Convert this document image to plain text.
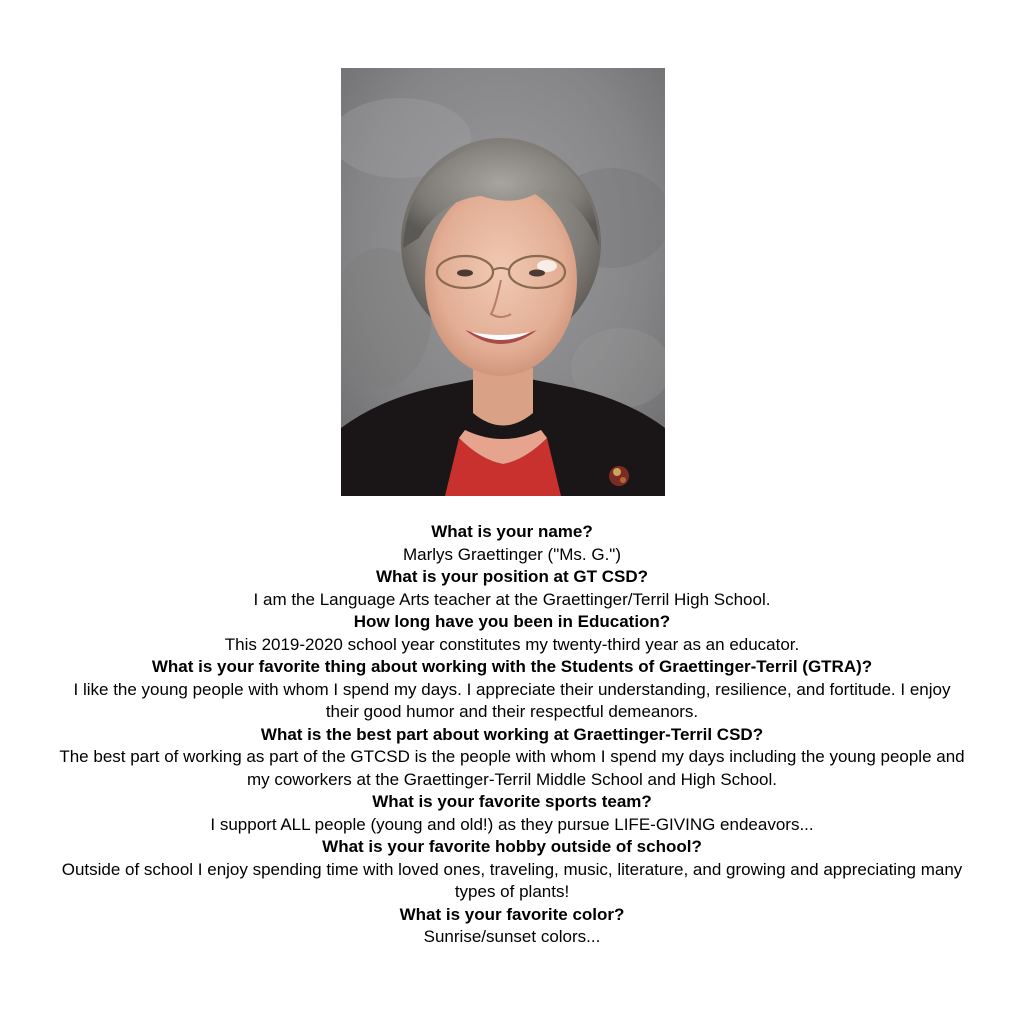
What is your name?
Marlys Graettinger ("Ms. G.")
What is your position at GT CSD?
I am the Language Arts teacher at the Graettinger/Terril High School.
How long have you been in Education?
This 2019-2020 school year constitutes my twenty-third year as an educator.
What is your favorite thing about working with the Students of Graettinger-Terril (GTRA)?
I like the young people with whom I spend my days. I appreciate their understanding, resilience, and fortitude. I enjoy their good humor and their respectful demeanors.
What is the best part about working at Graettinger-Terril CSD?
The best part of working as part of the GTCSD is the people with whom I spend my days including the young people and my coworkers at the Graettinger-Terril Middle School and High School.
What is your favorite sports team?
I support ALL people (young and old!) as they pursue LIFE-GIVING endeavors...
What is your favorite hobby outside of school?
Outside of school I enjoy spending time with loved ones, traveling, music, literature, and growing and appreciating many types of plants!
What is your favorite color?
Sunrise/sunset colors...
